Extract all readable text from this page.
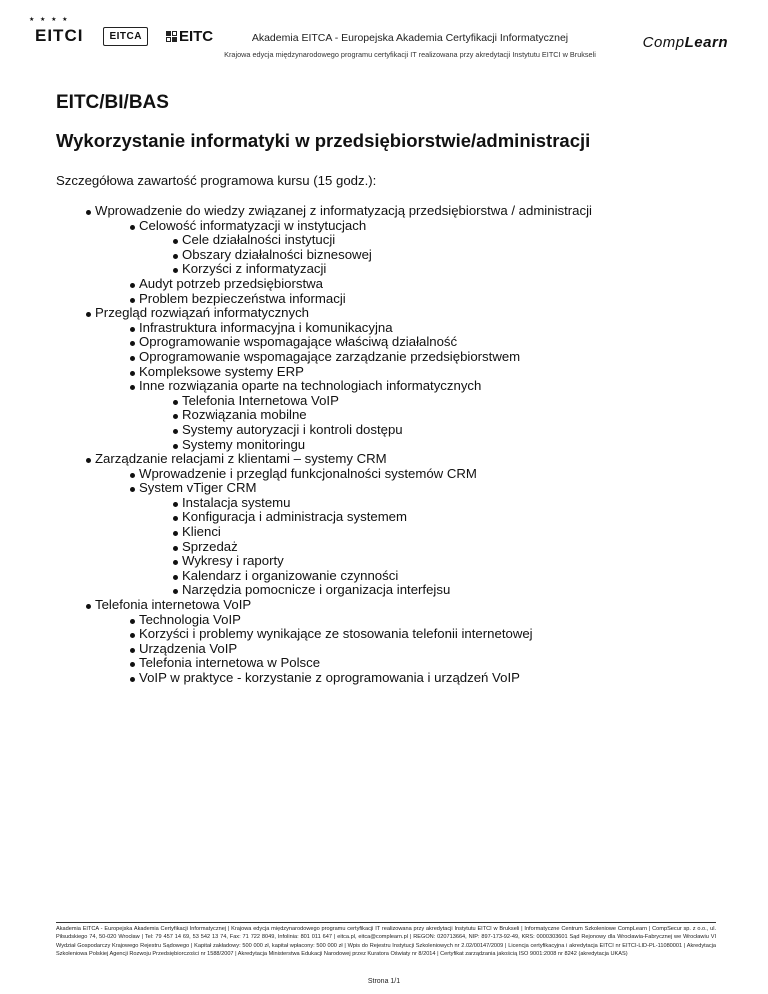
★ ★ ★ ★
EITCI	EITCA EITC	Akademia EITCA - Europejska Akademia Certyfikacji Informatycznej
Krajowa edycja międzynarodowego programu certyfikacji IT realizowana przy akredytacji Instytutu EITCI w Brukseli
CompLearn
EITC/BI/BAS
Wykorzystanie informatyki w przedsiębiorstwie/administracji

Szczegółowa zawartość programowa kursu (15 godz.):

Wprowadzenie do wiedzy związanej z informatyzacją przedsiębiorstwa / administracji
Celowość informatyzacji w instytucjach
Cele działalności instytucji
Obszary działalności biznesowej
Korzyści z informatyzacji
Audyt potrzeb przedsiębiorstwa
Problem bezpieczeństwa informacji
Przegląd rozwiązań informatycznych
Infrastruktura informacyjna i komunikacyjna
Oprogramowanie wspomagające właściwą działalność
Oprogramowanie wspomagające zarządzanie przedsiębiorstwem
Kompleksowe systemy ERP
Inne rozwiązania oparte na technologiach informatycznych
Telefonia Internetowa VoIP
Rozwiązania mobilne
Systemy autoryzacji i kontroli dostępu
Systemy monitoringu
Zarządzanie relacjami z klientami – systemy CRM
Wprowadzenie i przegląd funkcjonalności systemów CRM
System vTiger CRM
Instalacja systemu
Konfiguracja i administracja systemem
Klienci
Sprzedaż
Wykresy i raporty
Kalendarz i organizowanie czynności
Narzędzia pomocnicze i organizacja interfejsu
Telefonia internetowa VoIP
Technologia VoIP
Korzyści i problemy wynikające ze stosowania telefonii internetowej
Urządzenia VoIP
Telefonia internetowa w Polsce
VoIP w praktyce - korzystanie z oprogramowania i urządzeń VoIP
Akademia EITCA - Europejska Akademia Certyfikacji Informatycznej | Krajowa edycja międzynarodowego programu certyfikacji IT realizowana przy akredytacji Instytutu EITCI w Brukseli | Informatyczne Centrum Szkoleniowe CompLearn | CompSecur sp. z o.o., ul. Piłsudskiego 74, 50-020 Wrocław | Tel: 79 457 14 69, 53 542 13 74, Fax: 71 722 8049, Infolinia: 801 011 647 | eitca.pl, eitca@complearn.pl | REGON: 020713664, NIP: 897-173-92-49, KRS: 0000303601 Sąd Rejonowy dla Wrocławia-Fabrycznej we Wrocławiu VI Wydział Gospodarczy Krajowego Rejestru Sądowego | Kapitał zakładowy: 500 000 zł, kapitał wpłacony: 500 000 zł | Wpis do Rejestru Instytucji Szkoleniowych nr 2.02/00147/2009 | Licencja certyfikacyjna i akredytacja EITCI nr EITCI-LID-PL-11080001 | Akredytacja Szkoleniowa Polskiej Agencji Rozwoju Przedsiębiorczości nr 1588/2007 | Akredytacja Ministerstwa Edukacji Narodowej przez Kuratora Oświaty nr 8/2014 | Certyfikat zarządzania jakością ISO 9001:2008 nr 8242 (akredytacja UKAS)
Strona 1/1
